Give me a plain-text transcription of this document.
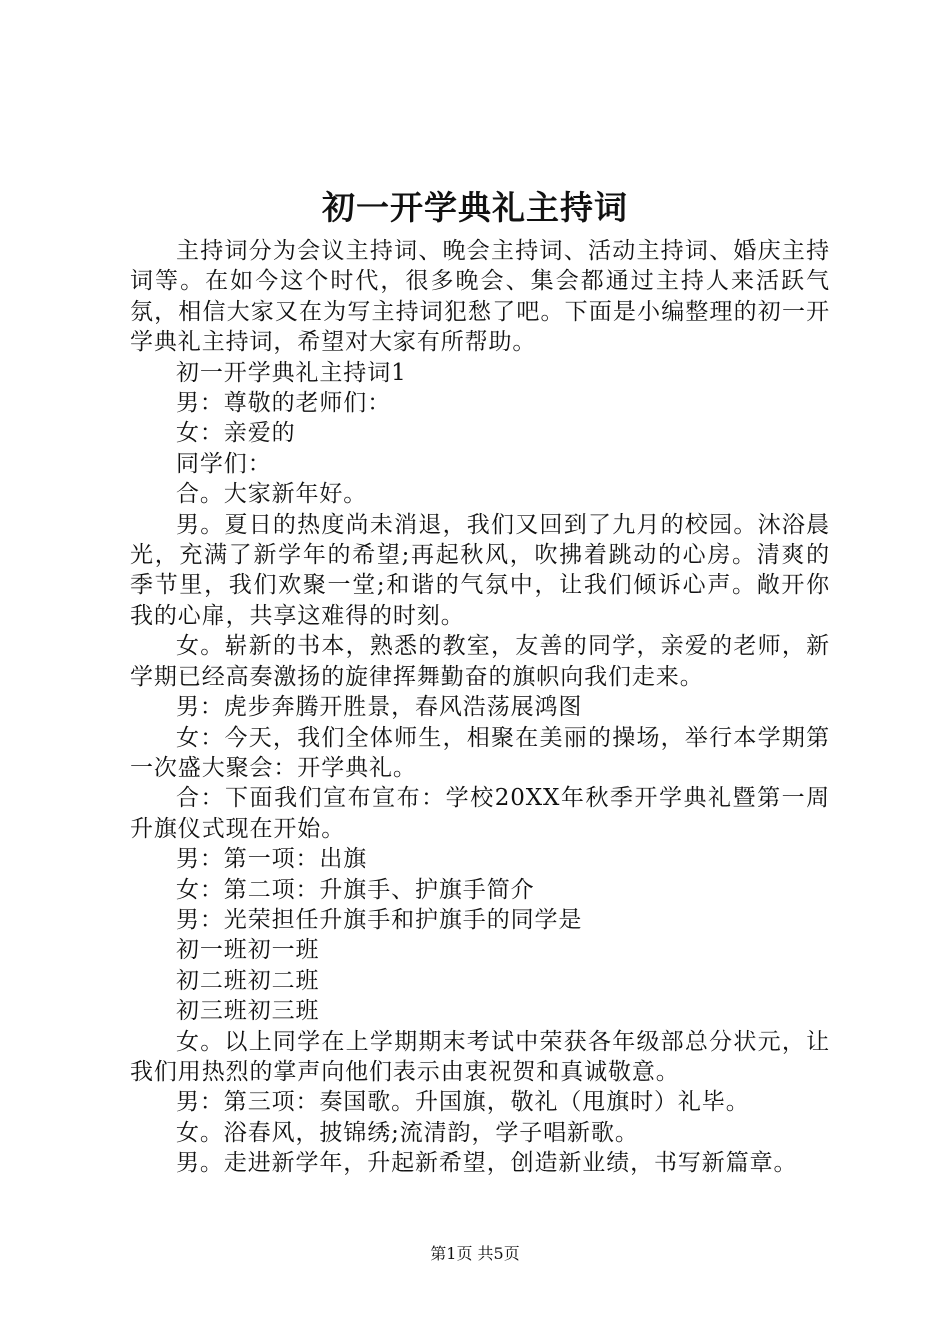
初一开学典礼主持词

主持词分为会议主持词、晚会主持词、活动主持词、婚庆主持词等。在如今这个时代，很多晚会、集会都通过主持人来活跃气氛，相信大家又在为写主持词犯愁了吧。下面是小编整理的初一开学典礼主持词，希望对大家有所帮助。

初一开学典礼主持词1

男：尊敬的老师们：

女：亲爱的

同学们：

合。大家新年好。

男。夏日的热度尚未消退，我们又回到了九月的校园。沐浴晨光，充满了新学年的希望;再起秋风，吹拂着跳动的心房。清爽的季节里，我们欢聚一堂;和谐的气氛中，让我们倾诉心声。敞开你我的心扉，共享这难得的时刻。

女。崭新的书本，熟悉的教室，友善的同学，亲爱的老师，新学期已经高奏激扬的旋律挥舞勤奋的旗帜向我们走来。

男：虎步奔腾开胜景，春风浩荡展鸿图

女：今天，我们全体师生，相聚在美丽的操场，举行本学期第一次盛大聚会：开学典礼。

合：下面我们宣布宣布：学校20XX年秋季开学典礼暨第一周升旗仪式现在开始。

男：第一项：出旗

女：第二项：升旗手、护旗手简介

男：光荣担任升旗手和护旗手的同学是

初一班初一班

初二班初二班

初三班初三班

女。以上同学在上学期期末考试中荣获各年级部总分状元，让我们用热烈的掌声向他们表示由衷祝贺和真诚敬意。

男：第三项：奏国歌。升国旗，敬礼（甩旗时）礼毕。

女。浴春风，披锦绣;流清韵，学子唱新歌。

男。走进新学年，升起新希望，创造新业绩，书写新篇章。

第1页 共5页
